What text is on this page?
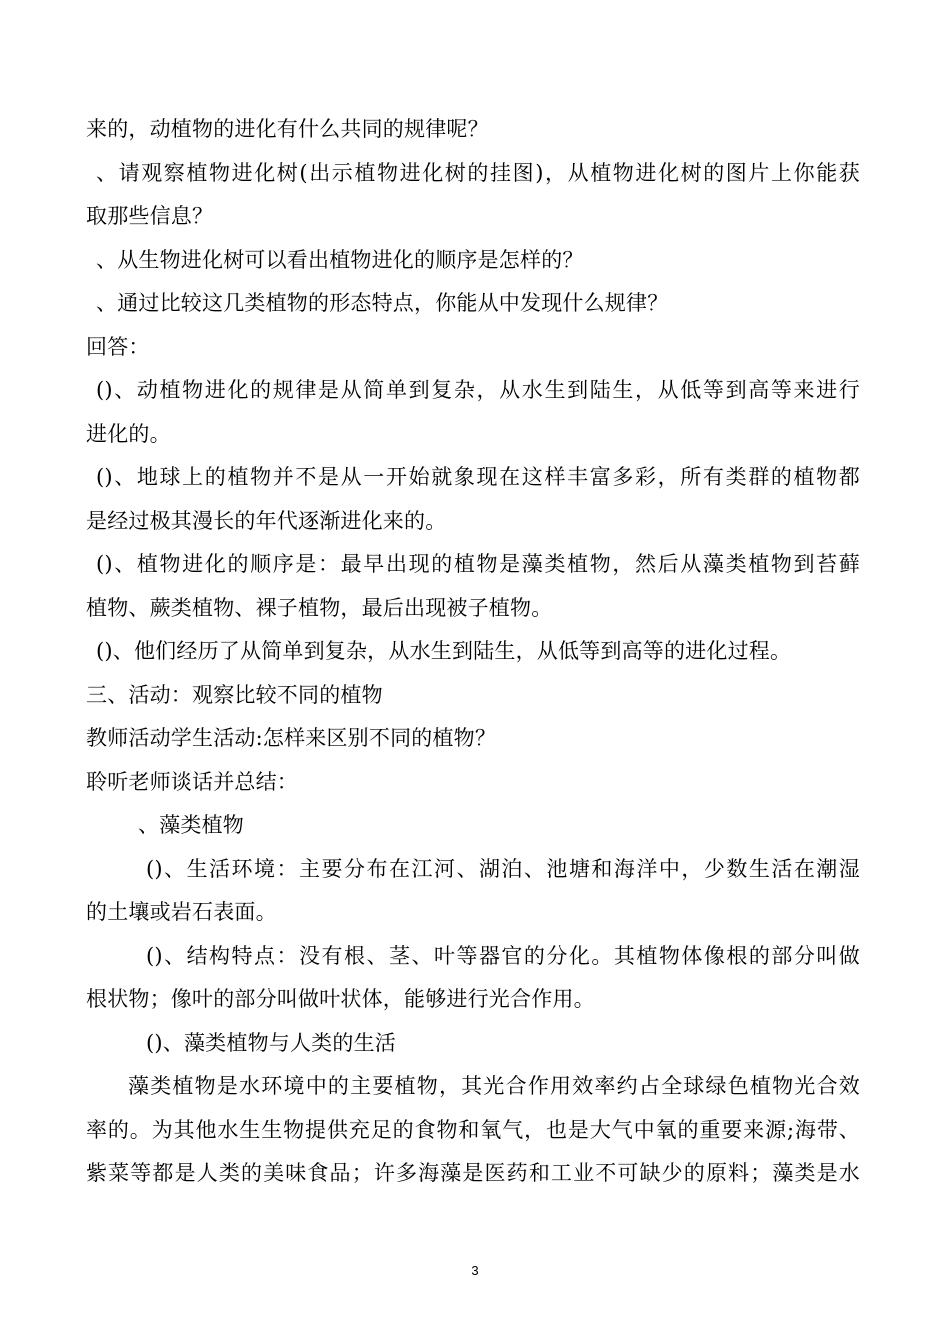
来的，动植物的进化有什么共同的规律呢？
、请观察植物进化树(出示植物进化树的挂图)，从植物进化树的图片上你能获
取那些信息？
、从生物进化树可以看出植物进化的顺序是怎样的？
、通过比较这几类植物的形态特点，你能从中发现什么规律？
回答：
()、动植物进化的规律是从简单到复杂，从水生到陆生，从低等到高等来进行
进化的。
()、地球上的植物并不是从一开始就象现在这样丰富多彩，所有类群的植物都
是经过极其漫长的年代逐渐进化来的。
()、植物进化的顺序是：最早出现的植物是藻类植物，然后从藻类植物到苔藓
植物、蕨类植物、裸子植物，最后出现被子植物。
()、他们经历了从简单到复杂，从水生到陆生，从低等到高等的进化过程。
三、活动：观察比较不同的植物
教师活动学生活动:怎样来区别不同的植物？
聆听老师谈话并总结：
、藻类植物
()、生活环境：主要分布在江河、湖泊、池塘和海洋中，少数生活在潮湿
的土壤或岩石表面。
()、结构特点：没有根、茎、叶等器官的分化。其植物体像根的部分叫做
根状物；像叶的部分叫做叶状体，能够进行光合作用。
()、藻类植物与人类的生活
藻类植物是水环境中的主要植物，其光合作用效率约占全球绿色植物光合效
率的。为其他水生生物提供充足的食物和氧气，也是大气中氧的重要来源;海带、
紫菜等都是人类的美味食品；许多海藻是医药和工业不可缺少的原料；藻类是水
3
